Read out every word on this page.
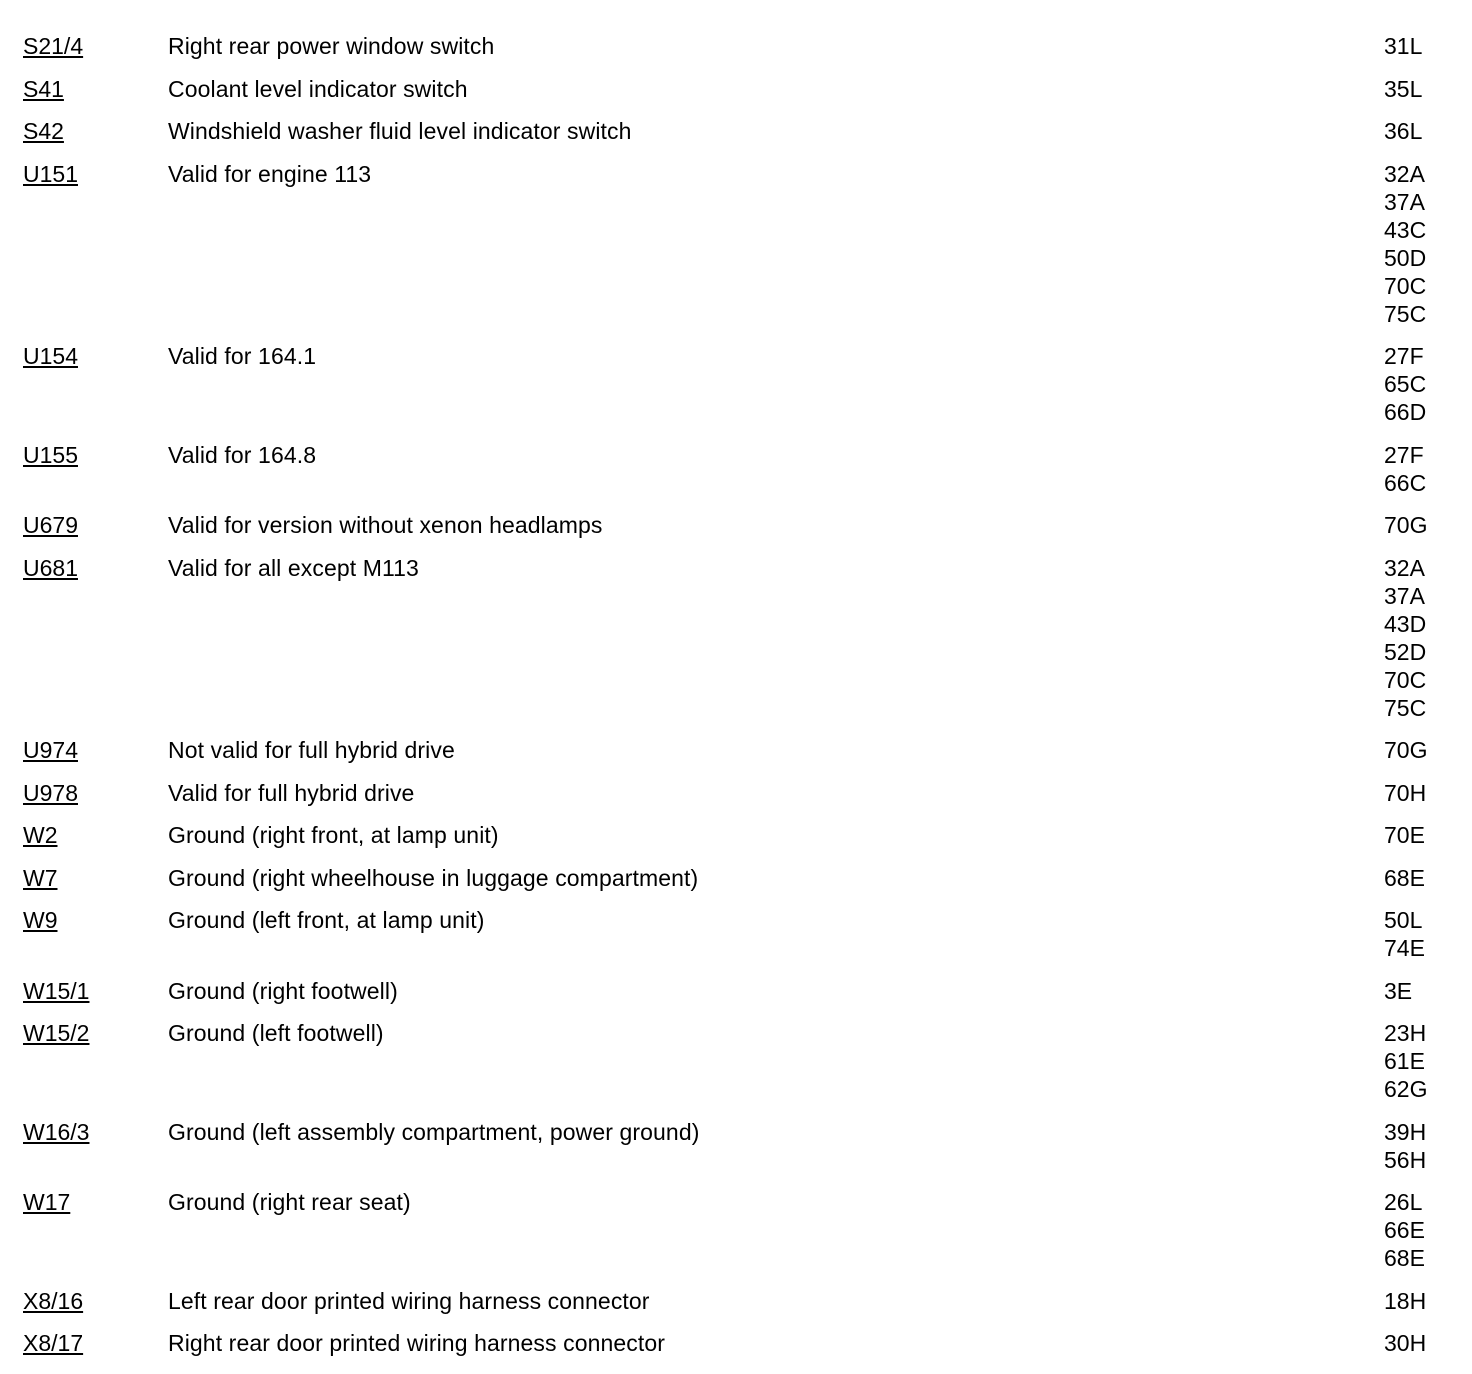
S21/4	Right rear power window switch	31L
S41	Coolant level indicator switch	35L
S42	Windshield washer fluid level indicator switch	36L
U151	Valid for engine 113	32A
37A
43C
50D
70C
75C
U154	Valid for 164.1	27F
65C
66D
U155	Valid for 164.8	27F
66C
U679	Valid for version without xenon headlamps	70G
U681	Valid for all except M113	32A
37A
43D
52D
70C
75C
U974	Not valid for full hybrid drive	70G
U978	Valid for full hybrid drive	70H
W2	Ground (right front, at lamp unit)	70E
W7	Ground (right wheelhouse in luggage compartment)	68E
W9	Ground (left front, at lamp unit)	50L
74E
W15/1	Ground (right footwell)	3E
W15/2	Ground (left footwell)	23H
61E
62G
W16/3	Ground (left assembly compartment, power ground)	39H
56H
W17	Ground (right rear seat)	26L
66E
68E
X8/16	Left rear door printed wiring harness connector	18H
X8/17	Right rear door printed wiring harness connector	30H
